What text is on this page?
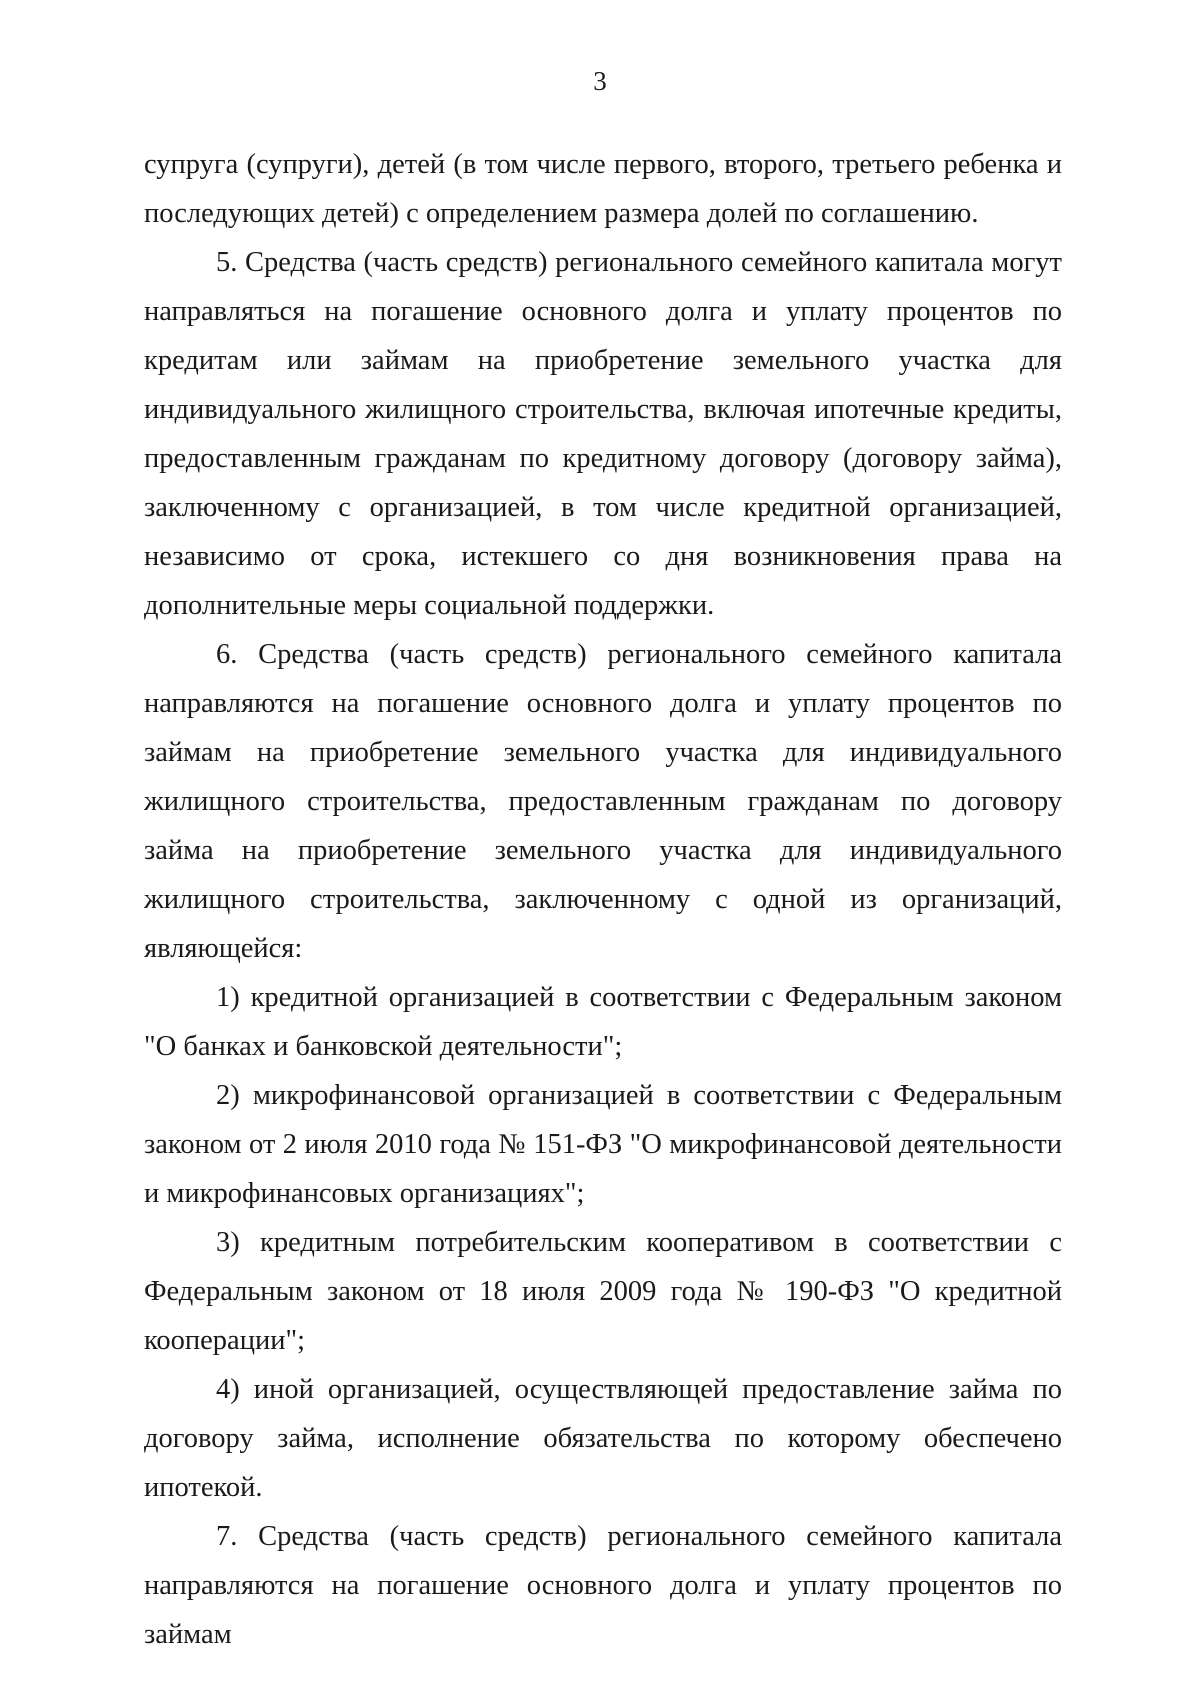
3

супруга (супруги), детей (в том числе первого, второго, третьего ребенка и последующих детей) с определением размера долей по соглашению.

5. Средства (часть средств) регионального семейного капитала могут направляться на погашение основного долга и уплату процентов по кредитам или займам на приобретение земельного участка для индивидуального жилищного строительства, включая ипотечные кредиты, предоставленным гражданам по кредитному договору (договору займа), заключенному с организацией, в том числе кредитной организацией, независимо от срока, истекшего со дня возникновения права на дополнительные меры социальной поддержки.

6. Средства (часть средств) регионального семейного капитала направляются на погашение основного долга и уплату процентов по займам на приобретение земельного участка для индивидуального жилищного строительства, предоставленным гражданам по договору займа на приобретение земельного участка для индивидуального жилищного строительства, заключенному с одной из организаций, являющейся:

1) кредитной организацией в соответствии с Федеральным законом "О банках и банковской деятельности";

2) микрофинансовой организацией в соответствии с Федеральным законом от 2 июля 2010 года № 151-ФЗ "О микрофинансовой деятельности и микрофинансовых организациях";

3) кредитным потребительским кооперативом в соответствии с Федеральным законом от 18 июля 2009 года № 190-ФЗ "О кредитной кооперации";

4) иной организацией, осуществляющей предоставление займа по договору займа, исполнение обязательства по которому обеспечено ипотекой.

7. Средства (часть средств) регионального семейного капитала направляются на погашение основного долга и уплату процентов по займам
